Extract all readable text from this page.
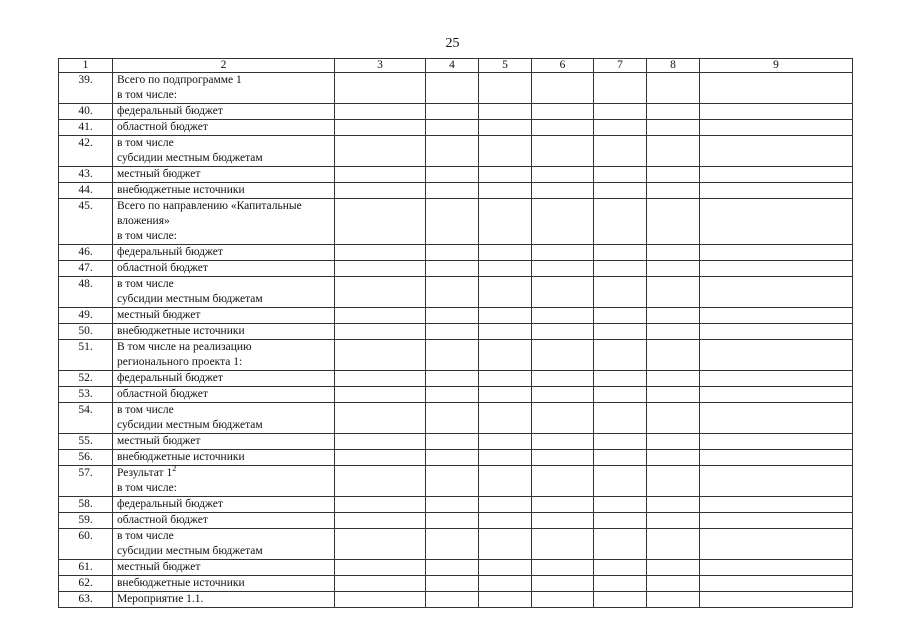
25
1	2	3	4	5	6	7	8	9
39.	Всего по подпрограмме 1
в том числе:							

40.	федеральный бюджет							

41.	областной бюджет							

42.	в том числе
субсидии местным бюджетам							

43.	местный бюджет							

44.	внебюджетные источники							

45.	Всего по направлению «Капитальные
вложения»
в том числе:							

46.	федеральный бюджет							

47.	областной бюджет							

48.	в том числе
субсидии местным бюджетам							

49.	местный бюджет							

50.	внебюджетные источники							

51.	В том числе на реализацию
регионального проекта 1:							

52.	федеральный бюджет							

53.	областной бюджет							

54.	в том числе
субсидии местным бюджетам							

55.	местный бюджет							

56.	внебюджетные источники							

57.	Результат $1^2$
в том числе:							

58.	федеральный бюджет							

59.	областной бюджет							

60.	в том числе
субсидии местным бюджетам							

61.	местный бюджет							

62.	внебюджетные источники							

63.	Мероприятие 1.1.							
